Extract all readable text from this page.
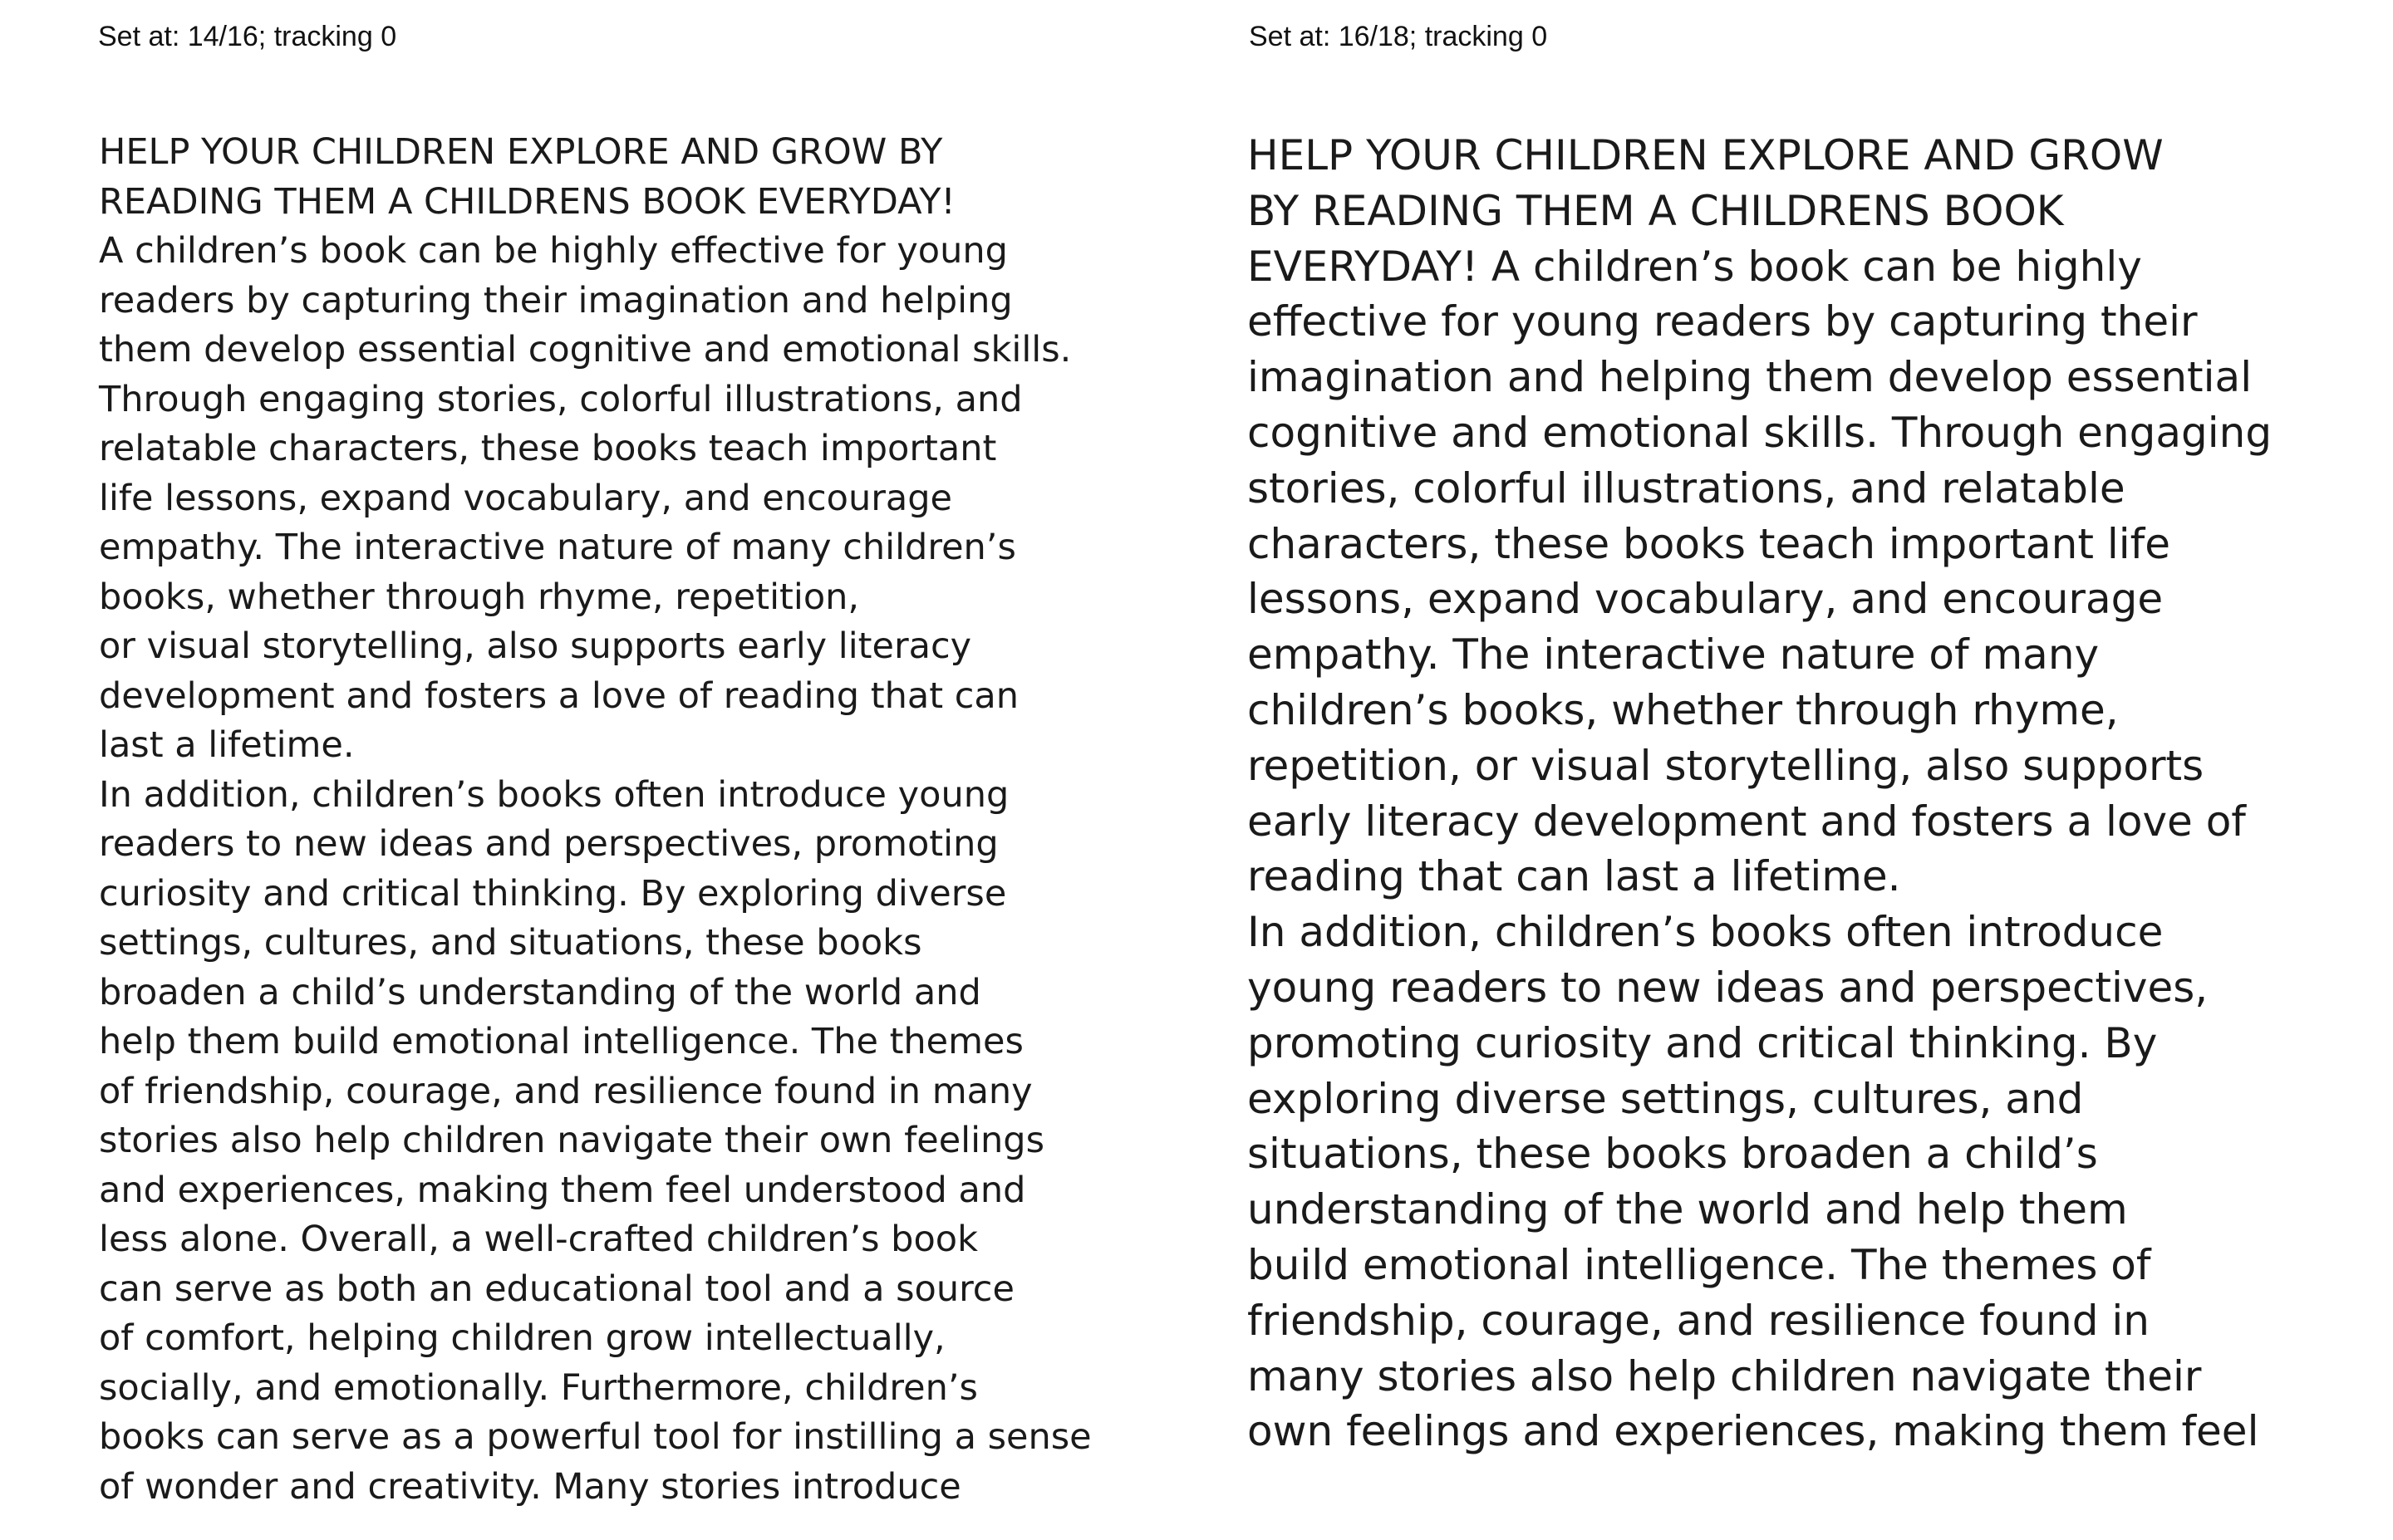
Set at: 14/16; tracking 0	Set at: 16/18; tracking 0
HELP YOUR CHILDREN EXPLORE AND GROW BY
READING THEM A CHILDRENS BOOK EVERYDAY!
A children’s book can be highly effective for young
readers by capturing their imagination and helping
them develop essential cognitive and emotional skills.
Through engaging stories, colorful illustrations, and
relatable characters, these books teach important
life lessons, expand vocabulary, and encourage
empathy. The interactive nature of many children’s
books, whether through rhyme, repetition,
or visual storytelling, also supports early literacy
development and fosters a love of reading that can
last a lifetime.
In addition, children’s books often introduce young
readers to new ideas and perspectives, promoting
curiosity and critical thinking. By exploring diverse
settings, cultures, and situations, these books
broaden a child’s understanding of the world and
help them build emotional intelligence. The themes
of friendship, courage, and resilience found in many
stories also help children navigate their own feelings
and experiences, making them feel understood and
less alone. Overall, a well-crafted children’s book
can serve as both an educational tool and a source
of comfort, helping children grow intellectually,
socially, and emotionally. Furthermore, children’s
books can serve as a powerful tool for instilling a sense
of wonder and creativity. Many stories introduce
HELP YOUR CHILDREN EXPLORE AND GROW
BY READING THEM A CHILDRENS BOOK
EVERYDAY! A children’s book can be highly
effective for young readers by capturing their
imagination and helping them develop essential
cognitive and emotional skills. Through engaging
stories, colorful illustrations, and relatable
characters, these books teach important life
lessons, expand vocabulary, and encourage
empathy. The interactive nature of many
children’s books, whether through rhyme,
repetition, or visual storytelling, also supports
early literacy development and fosters a love of
reading that can last a lifetime.
In addition, children’s books often introduce
young readers to new ideas and perspectives,
promoting curiosity and critical thinking. By
exploring diverse settings, cultures, and
situations, these books broaden a child’s
understanding of the world and help them
build emotional intelligence. The themes of
friendship, courage, and resilience found in
many stories also help children navigate their
own feelings and experiences, making them feel
